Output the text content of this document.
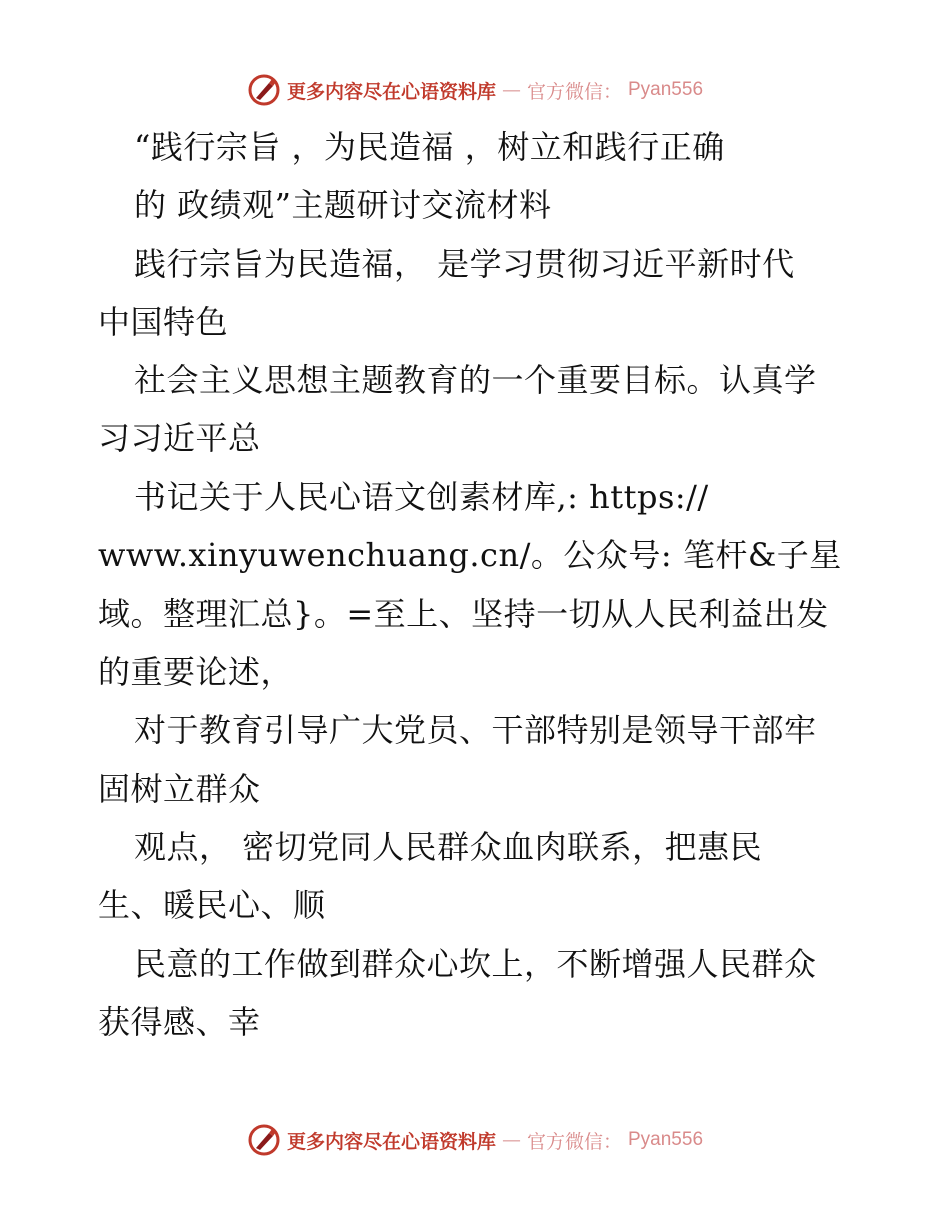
更多内容尽在心语资料库 — 官方微信： Pyan556

“践行宗旨 ，为民造福 ，树立和践行正确

的 政绩观”主题研讨交流材料

践行宗旨为民造福， 是学习贯彻习近平新时代

中国特色

社会主义思想主题教育的一个重要目标。认真学

习习近平总

书记关于人民心语文创素材库,: https://

www.xinyuwenchuang.cn/。公众号: 笔杆&子星

域。整理汇总}。=至上、坚持一切从人民利益出发

的重要论述，

对于教育引导广大党员、干部特别是领导干部牢

固树立群众

观点， 密切党同人民群众血肉联系，把惠民

生、暖民心、顺

民意的工作做到群众心坎上，不断增强人民群众

获得感、幸

更多内容尽在心语资料库 — 官方微信： Pyan556
